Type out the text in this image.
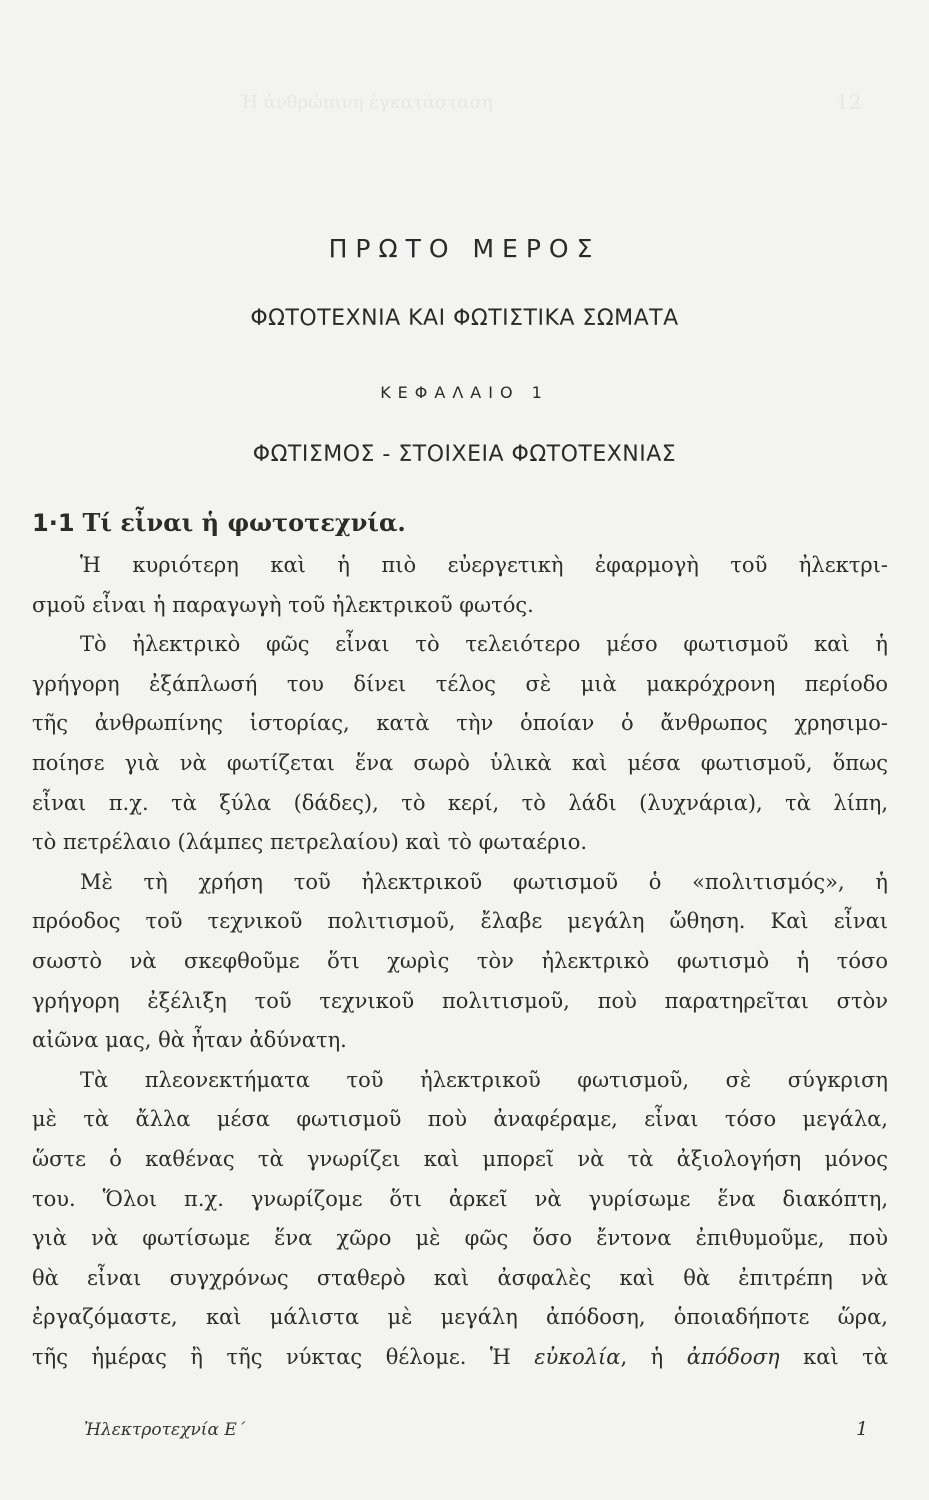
Ἡ ἀνθρώπινη ἐγκατάσταση	12
ΠΡΩΤΟ ΜΕΡΟΣ
ΦΩΤΟΤΕΧΝΙΑ ΚΑΙ ΦΩΤΙΣΤΙΚΑ ΣΩΜΑΤΑ
ΚΕΦΑΛΑΙΟ 1
ΦΩΤΙΣΜΟΣ - ΣΤΟΙΧΕΙΑ ΦΩΤΟΤΕΧΝΙΑΣ
1·1 Τί εἶναι ἡ φωτοτεχνία.
Ἡ κυριότερη καὶ ἡ πιὸ εὐεργετικὴ ἐφαρμογὴ τοῦ ἠλεκτρι-
σμοῦ εἶναι ἡ παραγωγὴ τοῦ ἠλεκτρικοῦ φωτός.
Τὸ ἠλεκτρικὸ φῶς εἶναι τὸ τελειότερο μέσο φωτισμοῦ καὶ ἡ
γρήγορη ἐξάπλωσή του δίνει τέλος σὲ μιὰ μακρόχρονη περίοδο
τῆς ἀνθρωπίνης ἱστορίας, κατὰ τὴν ὁποίαν ὁ ἄνθρωπος χρησιμο-
ποίησε γιὰ νὰ φωτίζεται ἕνα σωρὸ ὑλικὰ καὶ μέσα φωτισμοῦ, ὅπως
εἶναι π.χ. τὰ ξύλα (δάδες), τὸ κερί, τὸ λάδι (λυχνάρια), τὰ λίπη,
τὸ πετρέλαιο (λάμπες πετρελαίου) καὶ τὸ φωταέριο.
Μὲ τὴ χρήση τοῦ ἠλεκτρικοῦ φωτισμοῦ ὁ «πολιτισμός», ἡ
πρόοδος τοῦ τεχνικοῦ πολιτισμοῦ, ἔλαβε μεγάλη ὤθηση. Καὶ εἶναι
σωστὸ νὰ σκεφθοῦμε ὅτι χωρὶς τὸν ἠλεκτρικὸ φωτισμὸ ἡ τόσο
γρήγορη ἐξέλιξη τοῦ τεχνικοῦ πολιτισμοῦ, ποὺ παρατηρεῖται στὸν
αἰῶνα μας, θὰ ἦταν ἀδύνατη.
Τὰ πλεονεκτήματα τοῦ ἠλεκτρικοῦ φωτισμοῦ, σὲ σύγκριση
μὲ τὰ ἄλλα μέσα φωτισμοῦ ποὺ ἀναφέραμε, εἶναι τόσο μεγάλα,
ὥστε ὁ καθένας τὰ γνωρίζει καὶ μπορεῖ νὰ τὰ ἀξιολογήση μόνος
του. Ὅλοι π.χ. γνωρίζομε ὅτι ἀρκεῖ νὰ γυρίσωμε ἕνα διακόπτη,
γιὰ νὰ φωτίσωμε ἕνα χῶρο μὲ φῶς ὅσο ἔντονα ἐπιθυμοῦμε, ποὺ
θὰ εἶναι συγχρόνως σταθερὸ καὶ ἀσφαλὲς καὶ θὰ ἐπιτρέπη νὰ
ἐργαζόμαστε, καὶ μάλιστα μὲ μεγάλη ἀπόδοση, ὁποιαδήποτε ὥρα,
τῆς ἡμέρας ἢ τῆς νύκτας θέλομε. Ἡ εὐκολία, ἡ ἀπόδοση καὶ τὰ
Ἠλεκτροτεχνία Ε΄	1
